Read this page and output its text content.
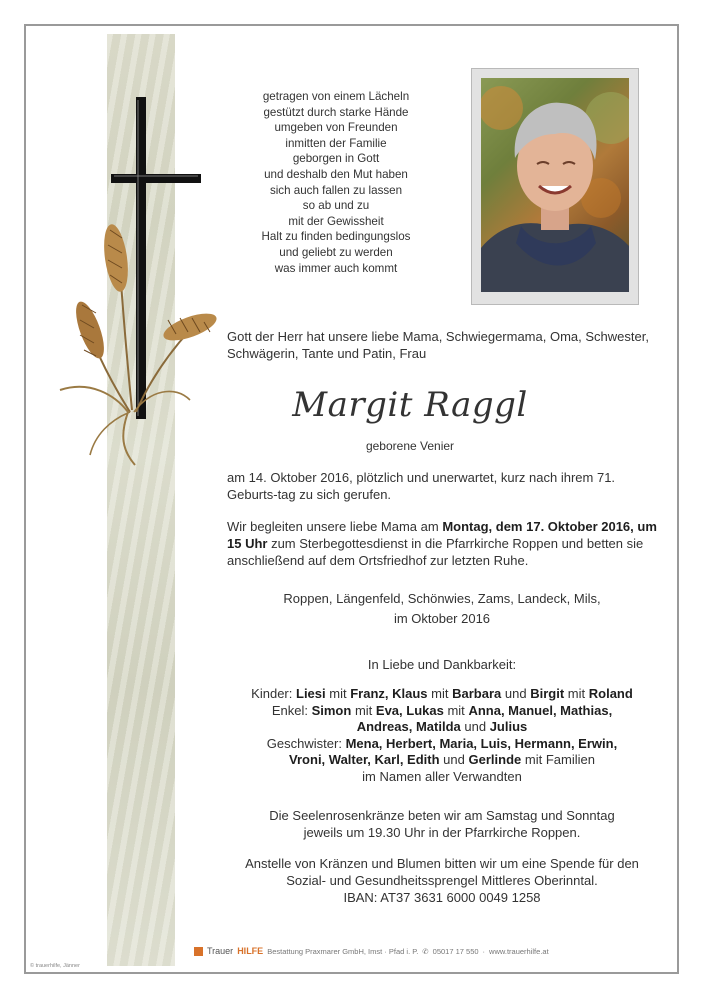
getragen von einem Lächeln
gestützt durch starke Hände
umgeben von Freunden
inmitten der Familie
geborgen in Gott
und deshalb den Mut haben
sich auch fallen zu lassen
so ab und zu
mit der Gewissheit
Halt zu finden bedingungslos
und geliebt zu werden
was immer auch kommt
Gott der Herr hat unsere liebe Mama, Schwiegermama, Oma, Schwester, Schwägerin, Tante und Patin, Frau
Margit Raggl
geborene Venier
am 14. Oktober 2016, plötzlich und unerwartet, kurz nach ihrem 71. Geburts-tag zu sich gerufen.
Wir begleiten unsere liebe Mama am Montag, dem 17. Oktober 2016, um 15 Uhr zum Sterbegottesdienst in die Pfarrkirche Roppen und betten sie anschließend auf dem Ortsfriedhof zur letzten Ruhe.
Roppen, Längenfeld, Schönwies, Zams, Landeck, Mils,
im Oktober 2016
In Liebe und Dankbarkeit:
Kinder: Liesi mit Franz, Klaus mit Barbara und Birgit mit Roland
Enkel: Simon mit Eva, Lukas mit Anna, Manuel, Mathias,
Andreas, Matilda und Julius
Geschwister: Mena, Herbert, Maria, Luis, Hermann, Erwin,
Vroni, Walter, Karl, Edith und Gerlinde mit Familien
im Namen aller Verwandten
Die Seelenrosenkränze beten wir am Samstag und Sonntag
jeweils um 19.30 Uhr in der Pfarrkirche Roppen.
Anstelle von Kränzen und Blumen bitten wir um eine Spende für den
Sozial- und Gesundheitssprengel Mittleres Oberinntal.
IBAN: AT37 3631 6000 0049 1258
Trauer HILFE Bestattung Praxmarer GmbH, Imst · Pfad i. P. ✆ 05017 17 550 · www.trauerhilfe.at
© trauerhilfe, Jänner
